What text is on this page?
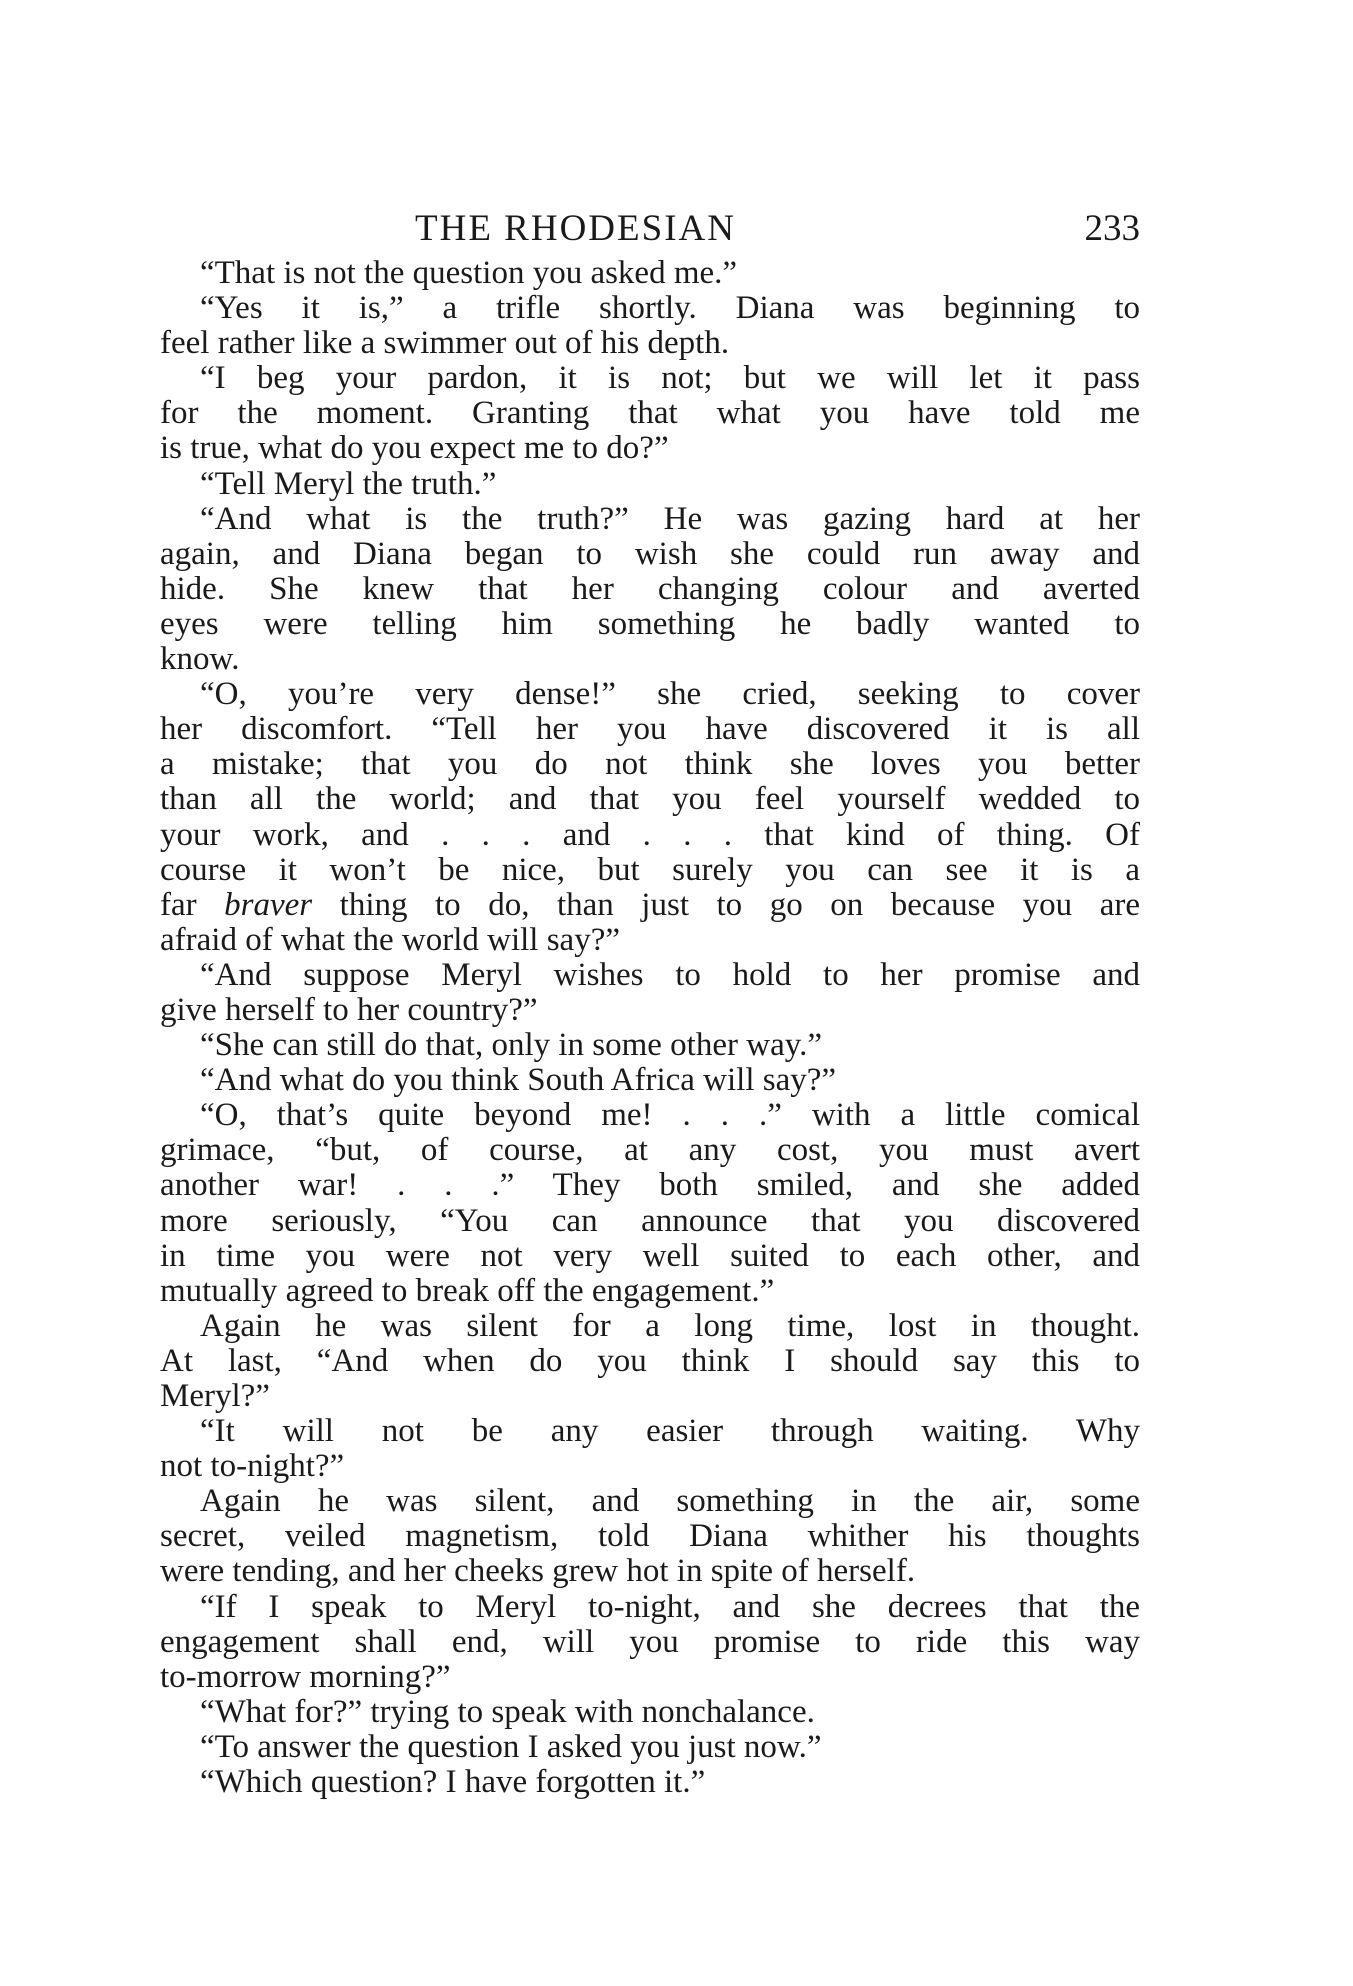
THE RHODESIAN	233
“That is not the question you asked me.”
“Yes it is,” a trifle shortly. Diana was beginning to
feel rather like a swimmer out of his depth.
“I beg your pardon, it is not; but we will let it pass
for the moment. Granting that what you have told me
is true, what do you expect me to do?”
“Tell Meryl the truth.”
“And what is the truth?” He was gazing hard at her
again, and Diana began to wish she could run away and
hide. She knew that her changing colour and averted
eyes were telling him something he badly wanted to
know.
“O, you’re very dense!” she cried, seeking to cover
her discomfort. “Tell her you have discovered it is all
a mistake; that you do not think she loves you better
than all the world; and that you feel yourself wedded to
your work, and . . . and . . . that kind of thing. Of
course it won’t be nice, but surely you can see it is a
far braver thing to do, than just to go on because you are
afraid of what the world will say?”
“And suppose Meryl wishes to hold to her promise and
give herself to her country?”
“She can still do that, only in some other way.”
“And what do you think South Africa will say?”
“O, that’s quite beyond me! . . .” with a little comical
grimace, “but, of course, at any cost, you must avert
another war! . . .” They both smiled, and she added
more seriously, “You can announce that you discovered
in time you were not very well suited to each other, and
mutually agreed to break off the engagement.”
Again he was silent for a long time, lost in thought.
At last, “And when do you think I should say this to
Meryl?”
“It will not be any easier through waiting. Why
not to-night?”
Again he was silent, and something in the air, some
secret, veiled magnetism, told Diana whither his thoughts
were tending, and her cheeks grew hot in spite of herself.
“If I speak to Meryl to-night, and she decrees that the
engagement shall end, will you promise to ride this way
to-morrow morning?”
“What for?” trying to speak with nonchalance.
“To answer the question I asked you just now.”
“Which question? I have forgotten it.”
